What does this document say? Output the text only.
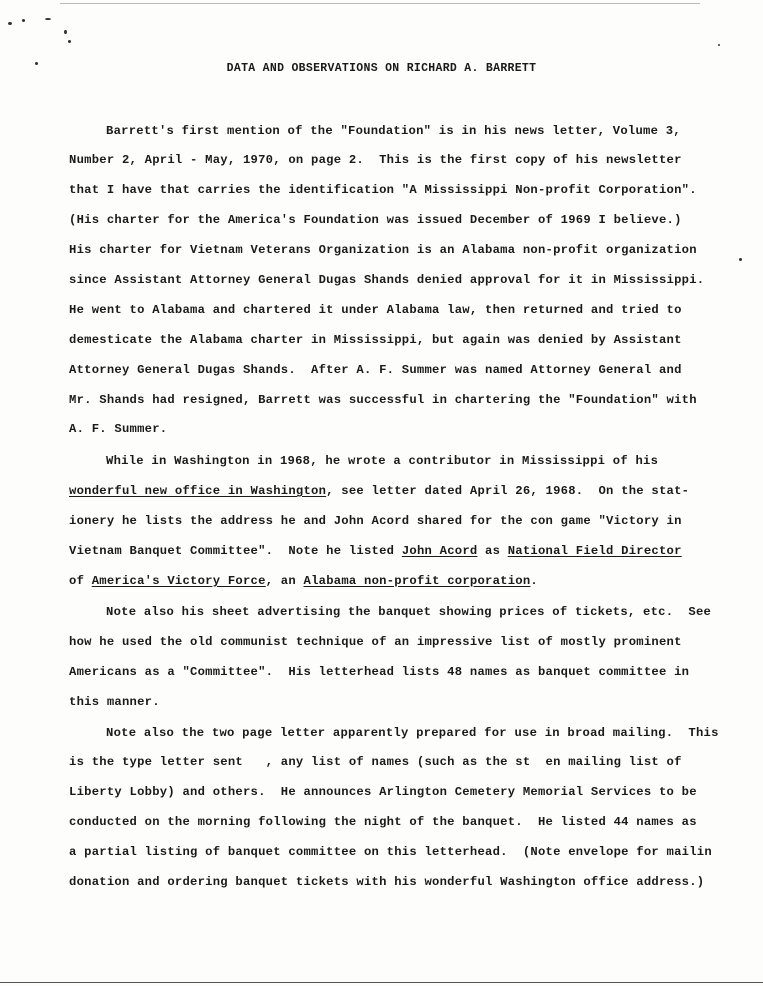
DATA AND OBSERVATIONS ON RICHARD A. BARRETT
Barrett's first mention of the "Foundation" is in his news letter, Volume 3,
Number 2, April - May, 1970, on page 2.  This is the first copy of his newsletter
that I have that carries the identification "A Mississippi Non-profit Corporation".
(His charter for the America's Foundation was issued December of 1969 I believe.)
His charter for Vietnam Veterans Organization is an Alabama non-profit organization
since Assistant Attorney General Dugas Shands denied approval for it in Mississippi.
He went to Alabama and chartered it under Alabama law, then returned and tried to
demesticate the Alabama charter in Mississippi, but again was denied by Assistant
Attorney General Dugas Shands.  After A. F. Summer was named Attorney General and
Mr. Shands had resigned, Barrett was successful in chartering the "Foundation" with
A. F. Summer.
While in Washington in 1968, he wrote a contributor in Mississippi of his
wonderful new office in Washington, see letter dated April 26, 1968.  On the stat-
ionery he lists the address he and John Acord shared for the con game "Victory in
Vietnam Banquet Committee".  Note he listed John Acord as National Field Director
of America's Victory Force, an Alabama non-profit corporation.
Note also his sheet advertising the banquet showing prices of tickets, etc.  See
how he used the old communist technique of an impressive list of mostly prominent
Americans as a "Committee".  His letterhead lists 48 names as banquet committee in
this manner.
Note also the two page letter apparently prepared for use in broad mailing.  This
is the type letter sent   , any list of names (such as the st  en mailing list of
Liberty Lobby) and others.  He announces Arlington Cemetery Memorial Services to be
conducted on the morning following the night of the banquet.  He listed 44 names as
a partial listing of banquet committee on this letterhead.  (Note envelope for mailin
donation and ordering banquet tickets with his wonderful Washington office address.)
